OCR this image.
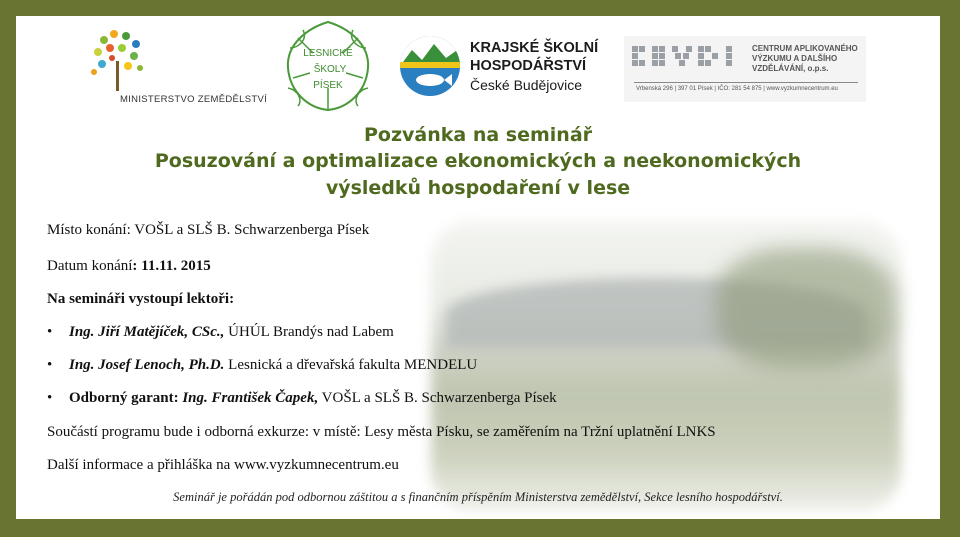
MINISTERSTVO ZEMĚDĚLSTVÍ
LESNICKÉ
ŠKOLY
PÍSEK
KRAJSKÉ ŠKOLNÍ
HOSPODÁŘSTVÍ
České Budějovice
CENTRUM APLIKOVANÉHO
VÝZKUMU A DALŠÍHO
VZDĚLÁVÁNÍ, o.p.s.
Vrbenská 296 | 397 01 Písek | IČO: 281 54 875 | www.vyzkumnecentrum.eu
Pozvánka na seminář
Posuzování a optimalizace ekonomických a neekonomických
výsledků hospodaření v lese
Místo konání: VOŠL a SLŠ B. Schwarzenberga Písek
Datum konání: 11.11. 2015
Na semináři vystoupí lektoři:
• Ing. Jiří Matějíček, CSc., ÚHÚL Brandýs nad Labem
• Ing. Josef Lenoch, Ph.D. Lesnická a dřevařská fakulta MENDELU
• Odborný garant: Ing. František Čapek, VOŠL a SLŠ B. Schwarzenberga Písek
Součástí programu bude i odborná exkurze: v místě: Lesy města Písku, se zaměřením na Tržní uplatnění LNKS
Další informace a přihláška na www.vyzkumnecentrum.eu
Seminář je pořádán pod odbornou záštitou a s finančním příspěním Ministerstva zemědělství, Sekce lesního hospodářství.
